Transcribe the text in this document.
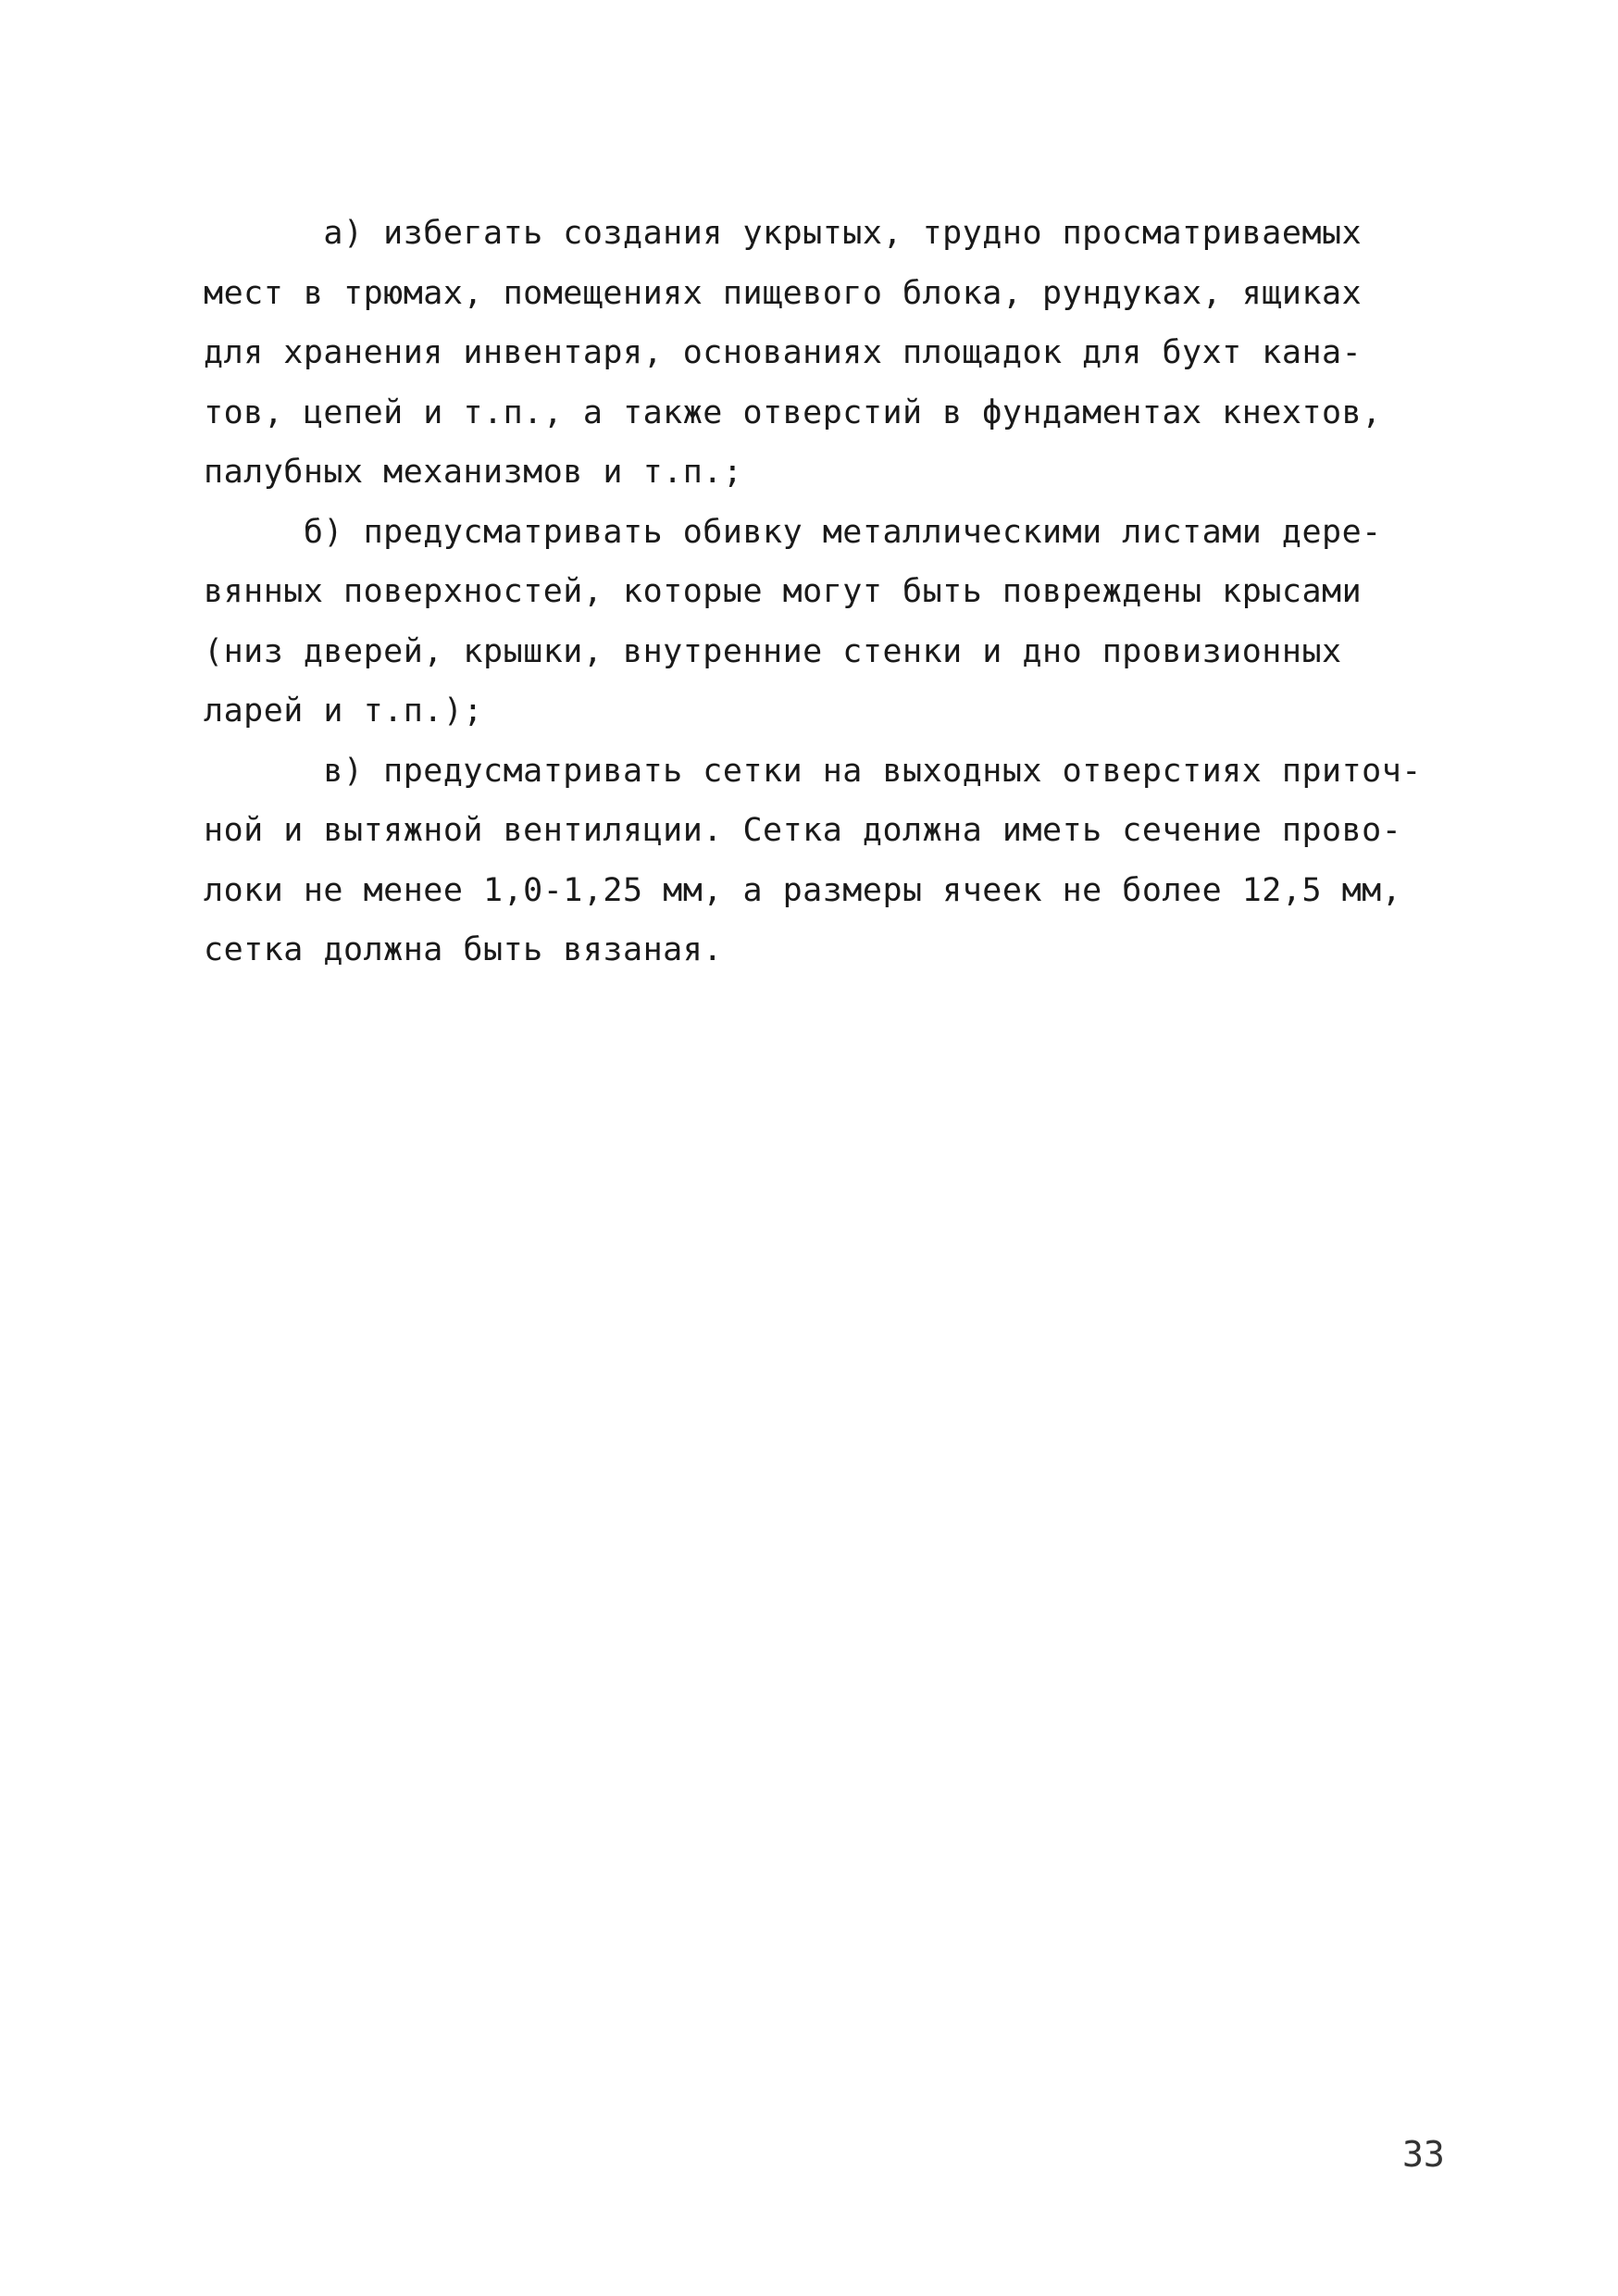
а) избегать создания укрытых, трудно просматриваемых
мест в трюмах, помещениях пищевого блока, рундуках, ящиках
для хранения инвентаря, основаниях площадок для бухт кана-
тов, цепей и т.п., а также отверстий в фундаментах кнехтов,
палубных механизмов и т.п.;
б) предусматривать обивку металлическими листами дере-
вянных поверхностей, которые могут быть повреждены крысами
(низ дверей, крышки, внутренние стенки и дно провизионных
ларей и т.п.);
в) предусматривать сетки на выходных отверстиях приточ-
ной и вытяжной вентиляции. Сетка должна иметь сечение прово-
локи не менее 1,0-1,25 мм, а размеры ячеек не более 12,5 мм,
сетка должна быть вязаная.
33
